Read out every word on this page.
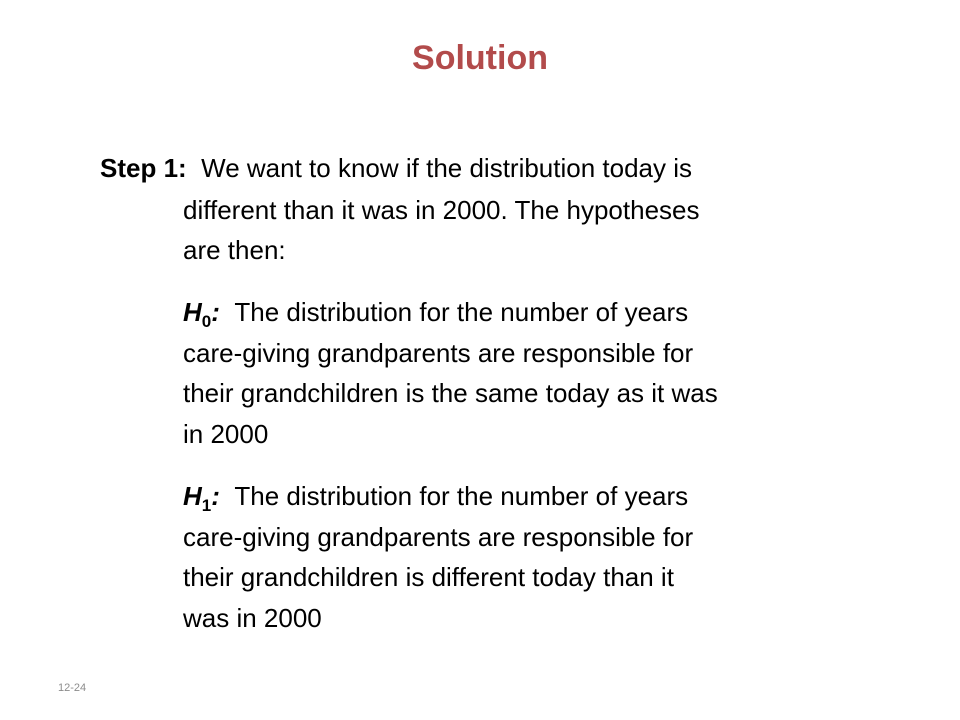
Solution
Step 1: We want to know if the distribution today is
different than it was in 2000. The hypotheses
are then:
$H_0$: The distribution for the number of years
care-giving grandparents are responsible for
their grandchildren is the same today as it was
in 2000
$H_1$: The distribution for the number of years
care-giving grandparents are responsible for
their grandchildren is different today than it
was in 2000
12-24
